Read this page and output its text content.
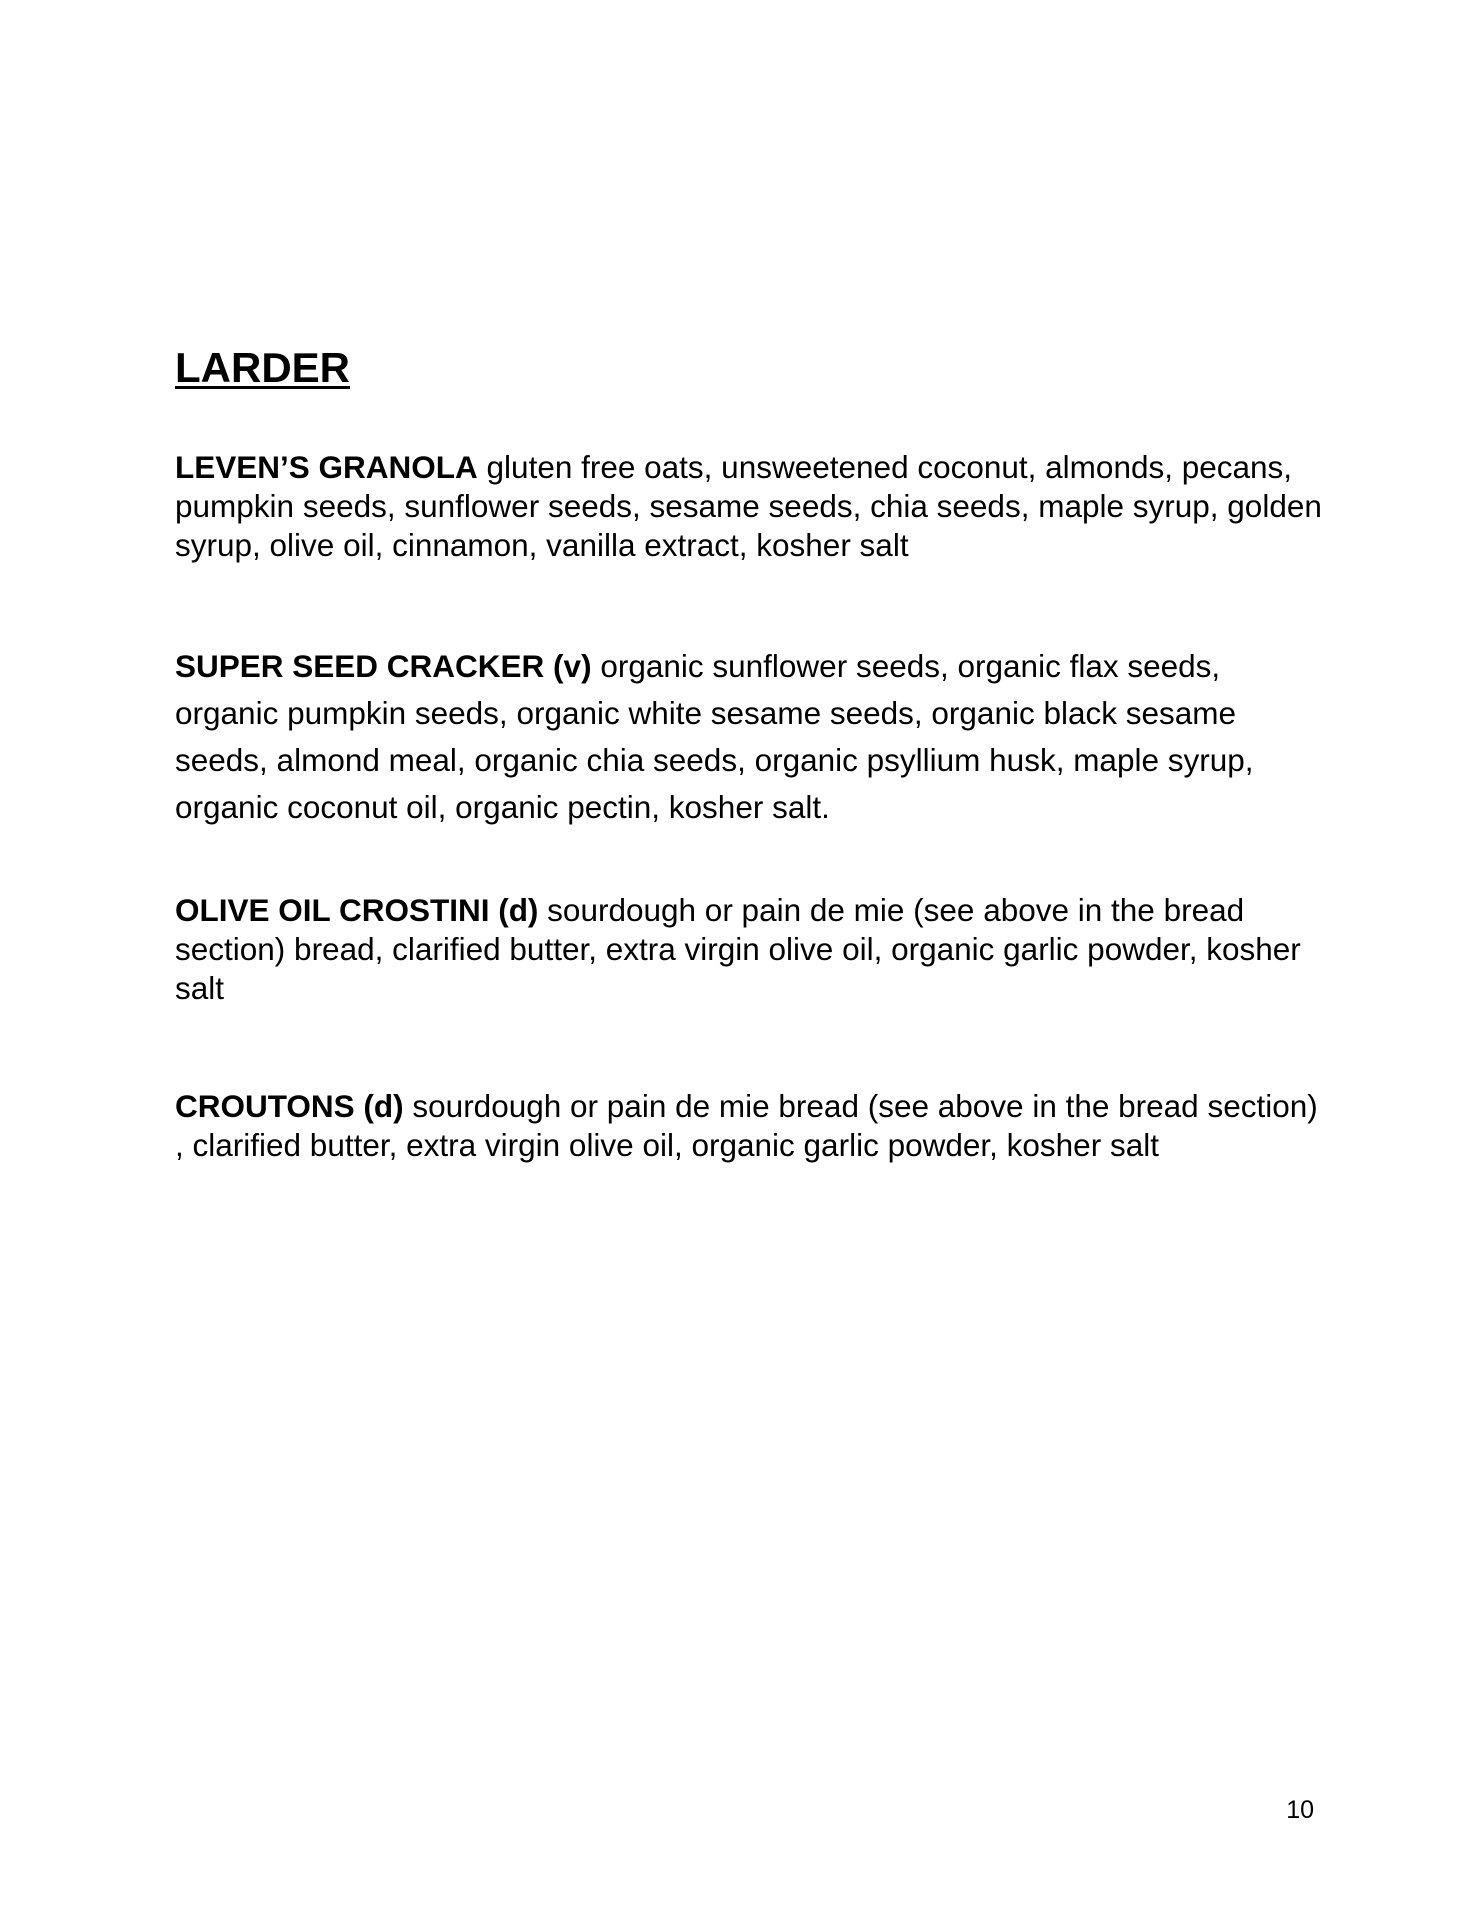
LARDER

LEVEN’S GRANOLA gluten free oats, unsweetened coconut, almonds, pecans, pumpkin seeds, sunflower seeds, sesame seeds, chia seeds, maple syrup, golden syrup, olive oil, cinnamon, vanilla extract, kosher salt

SUPER SEED CRACKER (v) organic sunflower seeds, organic flax seeds, organic pumpkin seeds, organic white sesame seeds, organic black sesame seeds, almond meal, organic chia seeds, organic psyllium husk, maple syrup, organic coconut oil, organic pectin, kosher salt.

OLIVE OIL CROSTINI (d) sourdough or pain de mie (see above in the bread section) bread, clarified butter, extra virgin olive oil, organic garlic powder, kosher salt

CROUTONS (d) sourdough or pain de mie bread (see above in the bread section) , clarified butter, extra virgin olive oil, organic garlic powder, kosher salt

10
